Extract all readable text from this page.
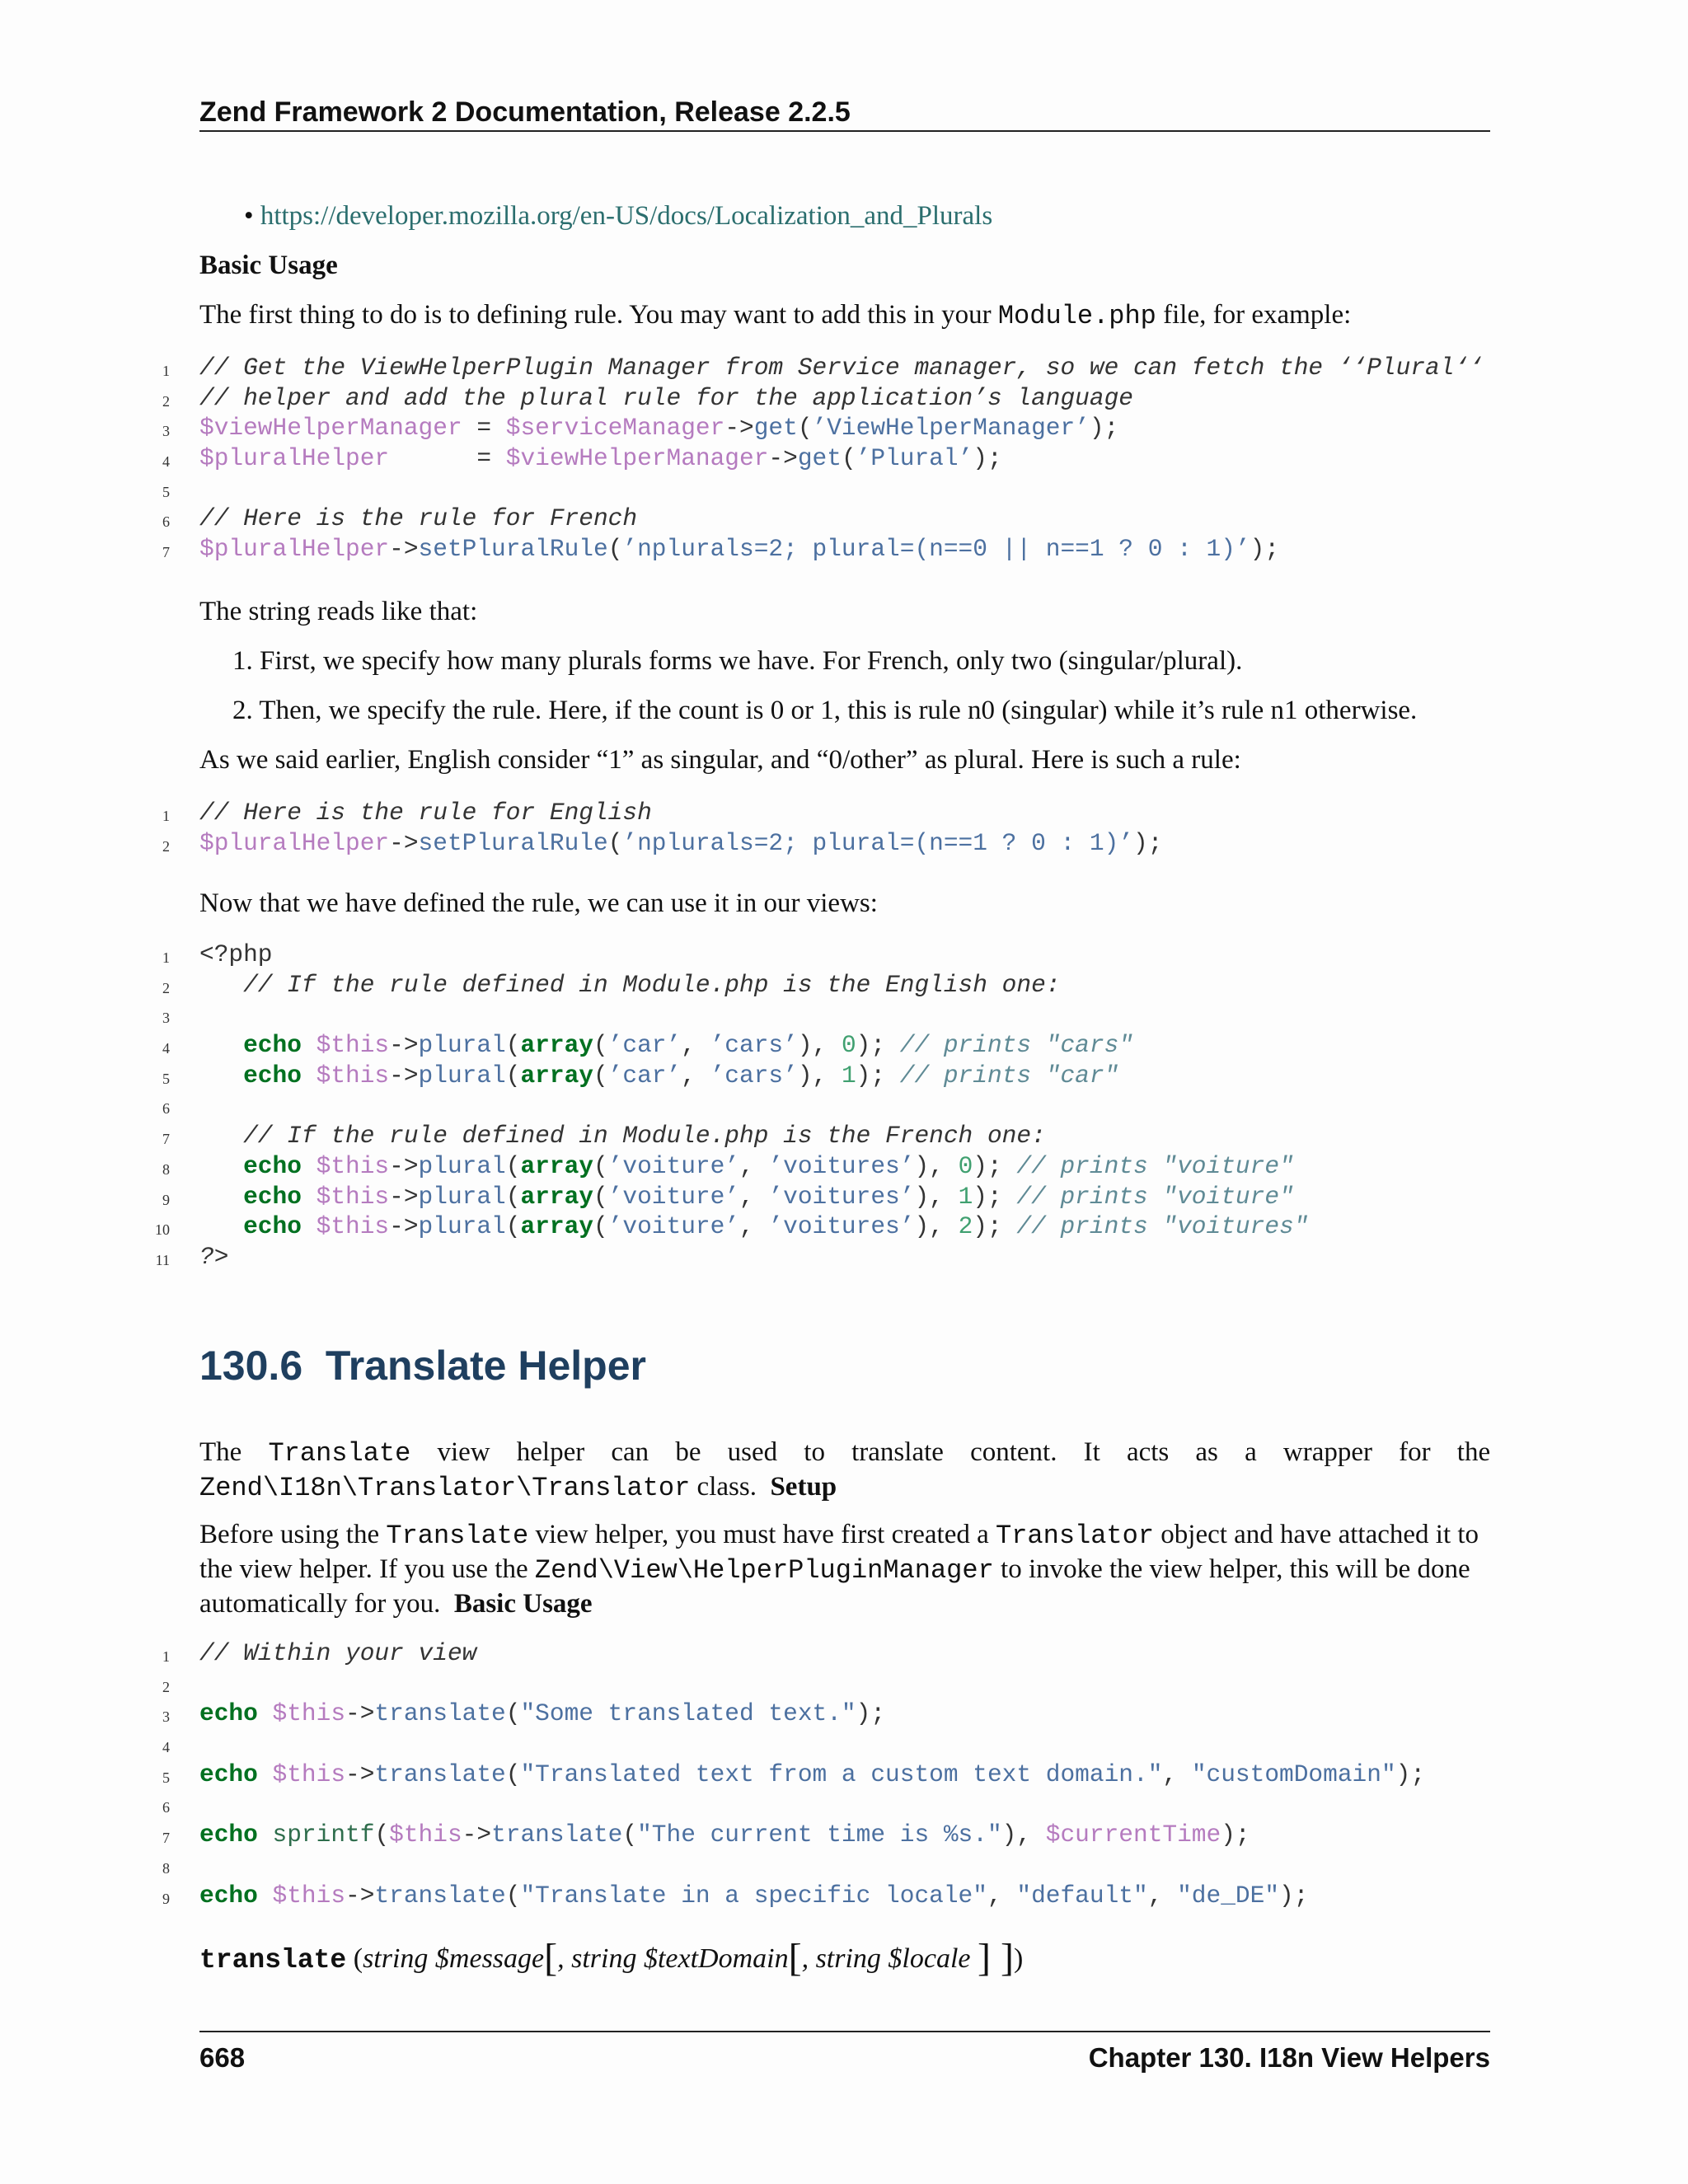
Zend Framework 2 Documentation, Release 2.2.5
• https://developer.mozilla.org/en-US/docs/Localization_and_Plurals
Basic Usage
The first thing to do is to defining rule. You may want to add this in your Module.php file, for example:
1 // Get the ViewHelperPlugin Manager from Service manager, so we can fetch the ‘‘Plural‘‘
2 // helper and add the plural rule for the application’s language
3 $viewHelperManager = $serviceManager->get(’ViewHelperManager’);
4 $pluralHelper	= $viewHelperManager->get(’Plural’);
5
6 // Here is the rule for French
7 $pluralHelper->setPluralRule(’nplurals=2; plural=(n==0 || n==1 ? 0 : 1)’);
The string reads like that:
1. First, we specify how many plurals forms we have. For French, only two (singular/plural).
2. Then, we specify the rule. Here, if the count is 0 or 1, this is rule n0 (singular) while it’s rule n1 otherwise.
As we said earlier, English consider “1” as singular, and “0/other” as plural. Here is such a rule:
1 // Here is the rule for English
2 $pluralHelper->setPluralRule(’nplurals=2; plural=(n==1 ? 0 : 1)’);
Now that we have defined the rule, we can use it in our views:
1 <?php
2 // If the rule defined in Module.php is the English one:
3
4	echo $this->plural(array(’car’, ’cars’), 0); // prints "cars"
5	echo $this->plural(array(’car’, ’cars’), 1); // prints "car"
6
7 // If the rule defined in Module.php is the French one:
8	echo $this->plural(array(’voiture’, ’voitures’), 0); // prints "voiture"
9	echo $this->plural(array(’voiture’, ’voitures’), 1); // prints "voiture"
10	echo $this->plural(array(’voiture’, ’voitures’), 2); // prints "voitures"
11 ?>
130.6 Translate Helper
The Translate view helper can be used to translate content. It acts as a wrapper for the
Zend\I18n\Translator\Translator class. Setup
Before using the Translate view helper, you must have first created a Translator object and have attached it to the view helper. If you use the Zend\View\HelperPluginManager to invoke the view helper, this will be done automatically for you. Basic Usage
1 // Within your view
2
3 echo $this->translate("Some translated text.");
4
5 echo $this->translate("Translated text from a custom text domain.", "customDomain");
6
7 echo sprintf($this->translate("The current time is %s."), $currentTime);
8
9 echo $this->translate("Translate in a specific locale", "default", "de_DE");
translate (string $message[, string $textDomain[, string $locale ] ])
668	Chapter 130. I18n View Helpers
